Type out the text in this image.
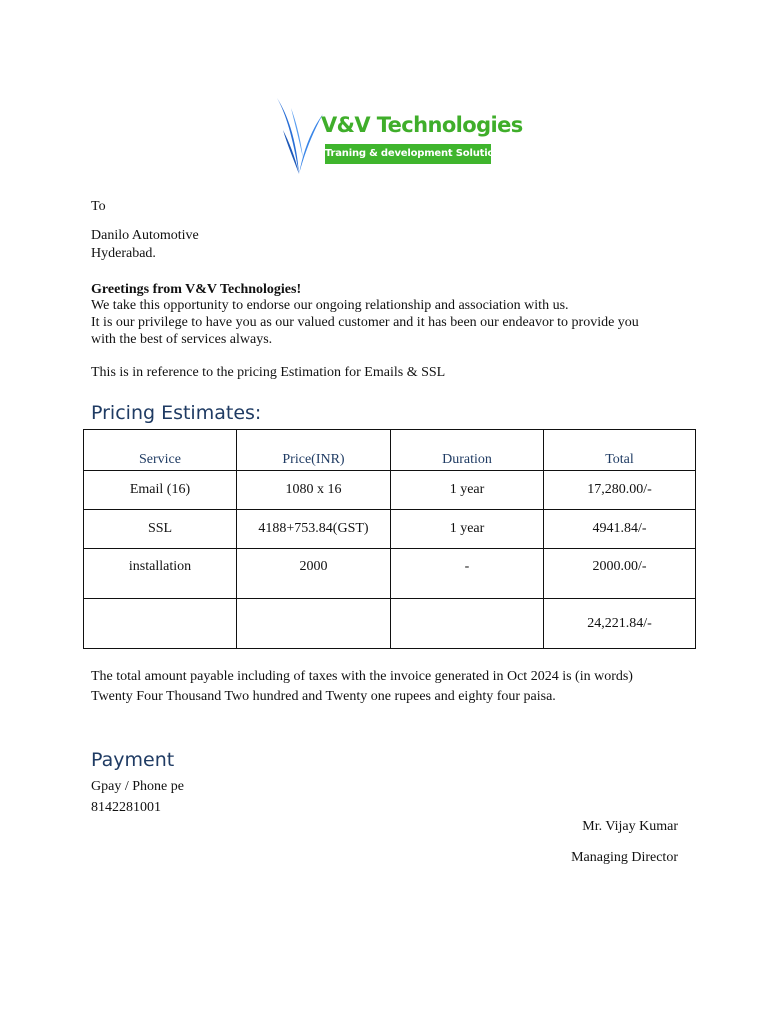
V&V Technologies
Traning & development Solutions
To
Danilo Automotive
Hyderabad.
Greetings from V&V Technologies!
We take this opportunity to endorse our ongoing relationship and association with us.
It is our privilege to have you as our valued customer and it has been our endeavor to provide you
with the best of services always.
This is in reference to the pricing Estimation for Emails & SSL
Pricing Estimates:
Service	Price(INR)	Duration	Total
Email (16)	1080 x 16	1 year	17,280.00/-
SSL	4188+753.84(GST)	1 year	4941.84/-
installation	2000	-	2000.00/-
			24,221.84/-
The total amount payable including of taxes with the invoice generated in Oct 2024 is (in words)
Twenty Four Thousand Two hundred and Twenty one rupees and eighty four paisa.
Payment
Gpay / Phone pe
8142281001
Mr. Vijay Kumar
Managing Director
